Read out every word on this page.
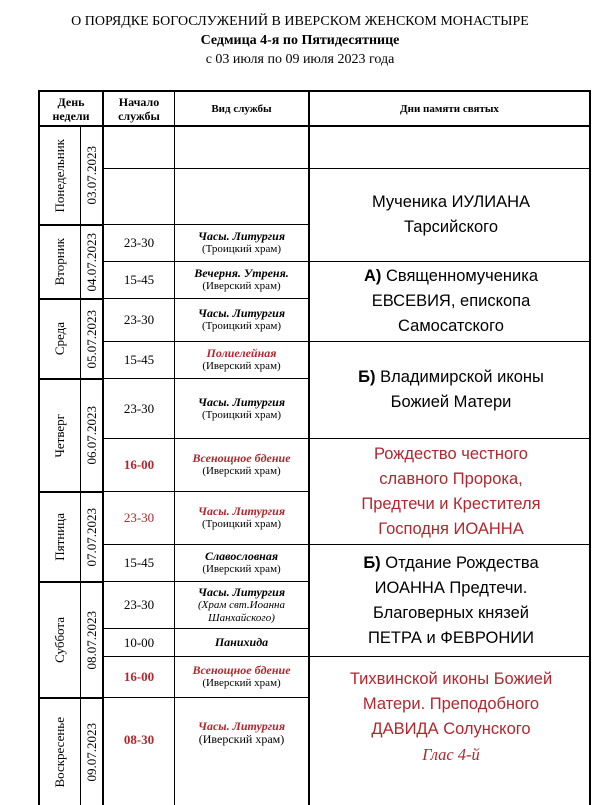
О ПОРЯДКЕ БОГОСЛУЖЕНИЙ В ИВЕРСКОМ ЖЕНСКОМ МОНАСТЫРЕ
Седмица 4-я по Пятидесятнице
с 03 июля по 09 июля 2023 года
День
недели
Начало
службы	Вид службы	Дни памяти святых
Понедельник 03.07.2023
Вторник 04.07.2023
Среда 05.07.2023
Четверг 06.07.2023
Пятница 07.07.2023
Суббота 08.07.2023
Воскресенье 09.07.2023
23-30
15-45
23-30
15-45
23-30
16-00
23-30
15-45
23-30
10-00
16-00
08-30
Часы. Литургия
(Троицкий храм)
Вечерня. Утреня.
(Иверский храм)
Часы. Литургия
(Троицкий храм)
Полиелейная
(Иверский храм)
Часы. Литургия
(Троицкий храм)
Всенощное бдение
(Иверский храм)
Часы. Литургия
(Троицкий храм)
Славословная
(Иверский храм)
Часы. Литургия
(Храм свт.Иоанна
Шанхайского)
Панихида
Всенощное бдение
(Иверский храм)
Часы. Литургия
(Иверский храм)
Мученика ИУЛИАНА
Тарсийского
А) Священномученика
ЕВСЕВИЯ, епископа
Самосатского
Б) Владимирской иконы
Божией Матери
Рождество честного
славного Пророка,
Предтечи и Крестителя
Господня ИОАННА
Б) Отдание Рождества
ИОАННА Предтечи.
Благоверных князей
ПЕТРА и ФЕВРОНИИ
Тихвинской иконы Божией
Матери. Преподобного
ДАВИДА Солунского
Глас 4-й
